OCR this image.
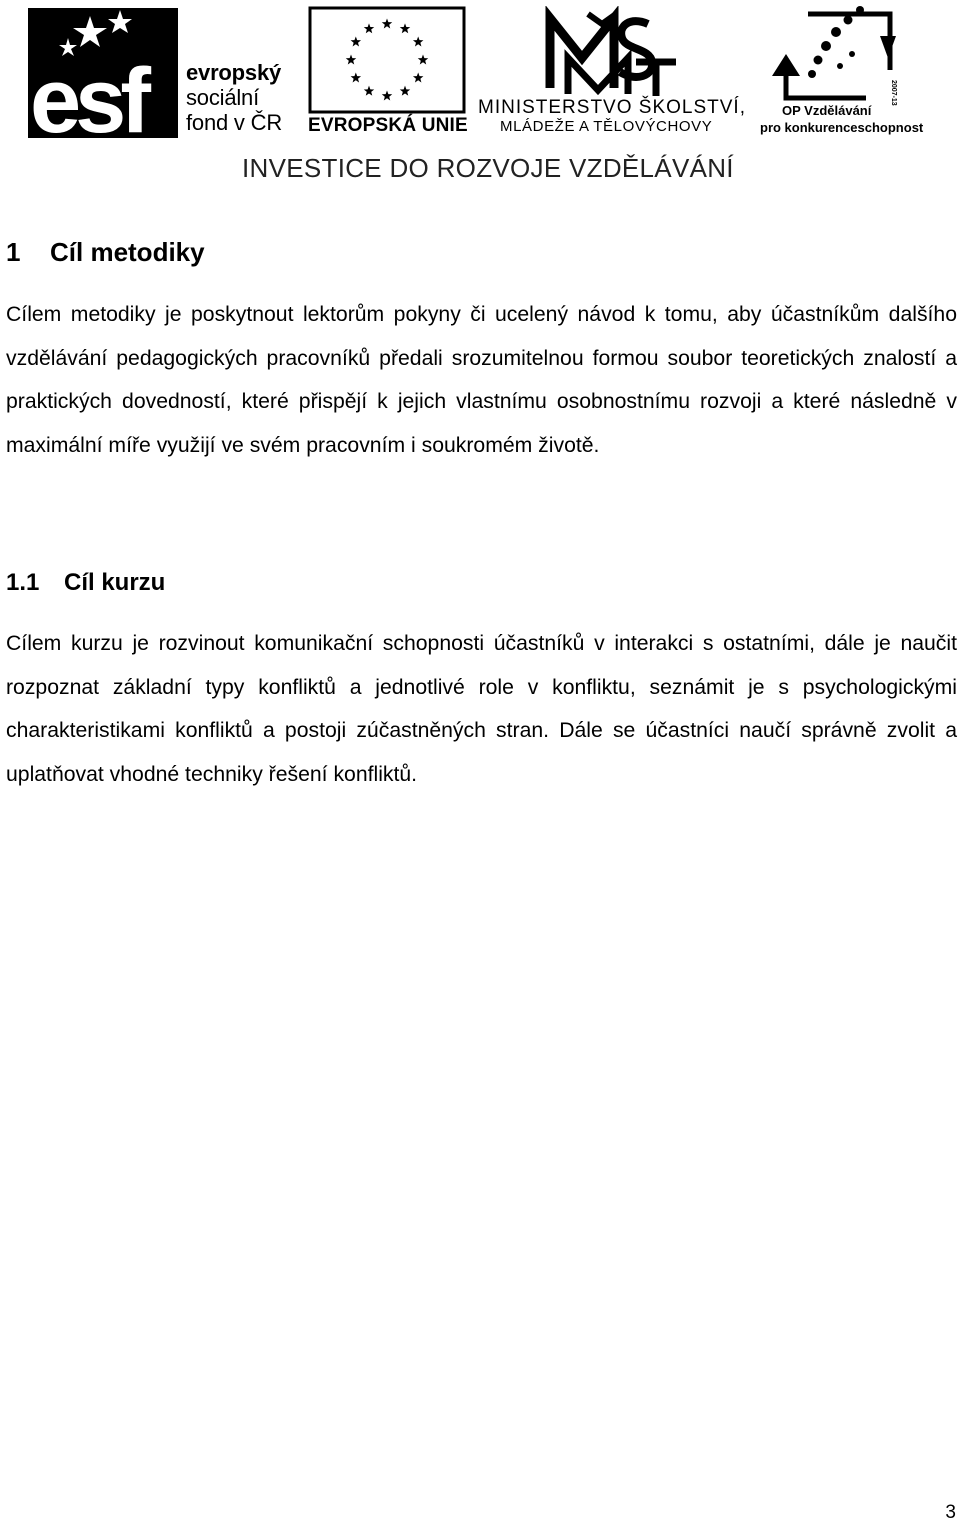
esf evropský
sociální
fond v ČR EVROPSKÁ UNIE
MINISTERSTVO ŠKOLSTVÍ,
MLÁDEŽE A TĚLOVÝCHOVY
OP Vzdělávání
pro konkurenceschopnost
2007-13
INVESTICE DO ROZVOJE VZDĚLÁVÁNÍ
1 Cíl metodiky

Cílem metodiky je poskytnout lektorům pokyny či ucelený návod k tomu, aby účastníkům dalšího vzdělávání pedagogických pracovníků předali srozumitelnou formou soubor teoretických znalostí a praktických dovedností, které přispějí k jejich vlastnímu osobnostnímu rozvoji a které následně v maximální míře využijí ve svém pracovním i soukromém životě.

1.1 Cíl kurzu

Cílem kurzu je rozvinout komunikační schopnosti účastníků v interakci s ostatními, dále je naučit rozpoznat základní typy konfliktů a jednotlivé role v konfliktu, seznámit je s psychologickými charakteristikami konfliktů a postoji zúčastněných stran. Dále se účastníci naučí správně zvolit a uplatňovat vhodné techniky řešení konfliktů.

3
